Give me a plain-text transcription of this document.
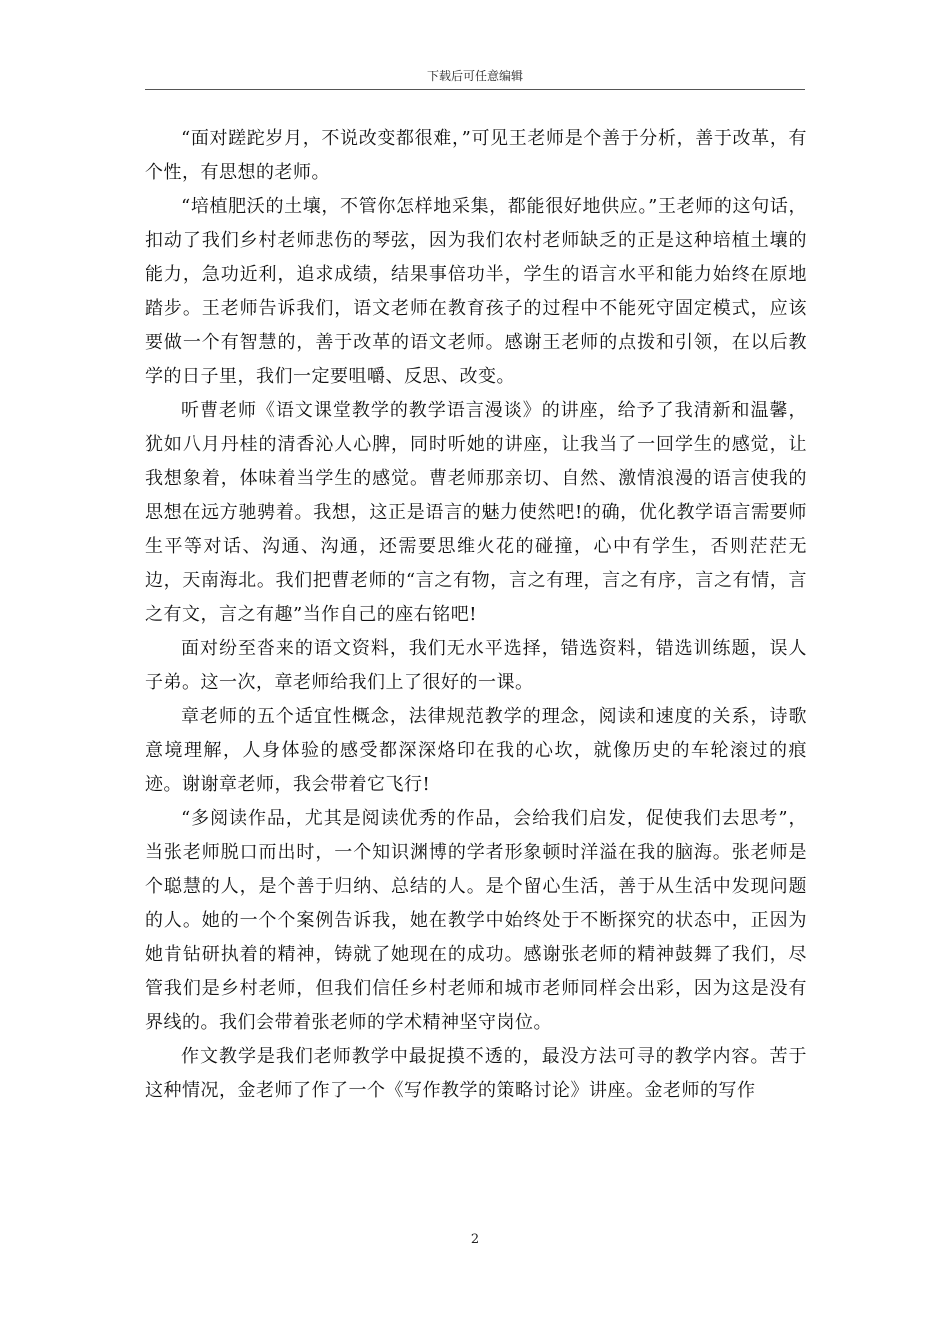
下载后可任意编辑

“面对蹉跎岁月，不说改变都很难，”可见王老师是个善于分析，善于改革，有个性，有思想的老师。

“培植肥沃的土壤，不管你怎样地采集，都能很好地供应。”王老师的这句话，扣动了我们乡村老师悲伤的琴弦，因为我们农村老师缺乏的正是这种培植土壤的能力，急功近利，追求成绩，结果事倍功半，学生的语言水平和能力始终在原地踏步。王老师告诉我们，语文老师在教育孩子的过程中不能死守固定模式，应该要做一个有智慧的，善于改革的语文老师。感谢王老师的点拨和引领，在以后教学的日子里，我们一定要咀嚼、反思、改变。

听曹老师《语文课堂教学的教学语言漫谈》的讲座，给予了我清新和温馨，犹如八月丹桂的清香沁人心脾，同时听她的讲座，让我当了一回学生的感觉，让我想象着，体味着当学生的感觉。曹老师那亲切、自然、激情浪漫的语言使我的思想在远方驰骋着。我想，这正是语言的魅力使然吧!的确，优化教学语言需要师生平等对话、沟通、沟通，还需要思维火花的碰撞，心中有学生，否则茫茫无边，天南海北。我们把曹老师的“言之有物，言之有理，言之有序，言之有情，言之有文，言之有趣”当作自己的座右铭吧!

面对纷至沓来的语文资料，我们无水平选择，错选资料，错选训练题，误人子弟。这一次，章老师给我们上了很好的一课。

章老师的五个适宜性概念，法律规范教学的理念，阅读和速度的关系，诗歌意境理解，人身体验的感受都深深烙印在我的心坎，就像历史的车轮滚过的痕迹。谢谢章老师，我会带着它飞行!

“多阅读作品，尤其是阅读优秀的作品，会给我们启发，促使我们去思考”，当张老师脱口而出时，一个知识渊博的学者形象顿时洋溢在我的脑海。张老师是个聪慧的人，是个善于归纳、总结的人。是个留心生活，善于从生活中发现问题的人。她的一个个案例告诉我，她在教学中始终处于不断探究的状态中，正因为她肯钻研执着的精神，铸就了她现在的成功。感谢张老师的精神鼓舞了我们，尽管我们是乡村老师，但我们信任乡村老师和城市老师同样会出彩，因为这是没有界线的。我们会带着张老师的学术精神坚守岗位。

作文教学是我们老师教学中最捉摸不透的，最没方法可寻的教学内容。苦于这种情况，金老师了作了一个《写作教学的策略讨论》讲座。金老师的写作

2
